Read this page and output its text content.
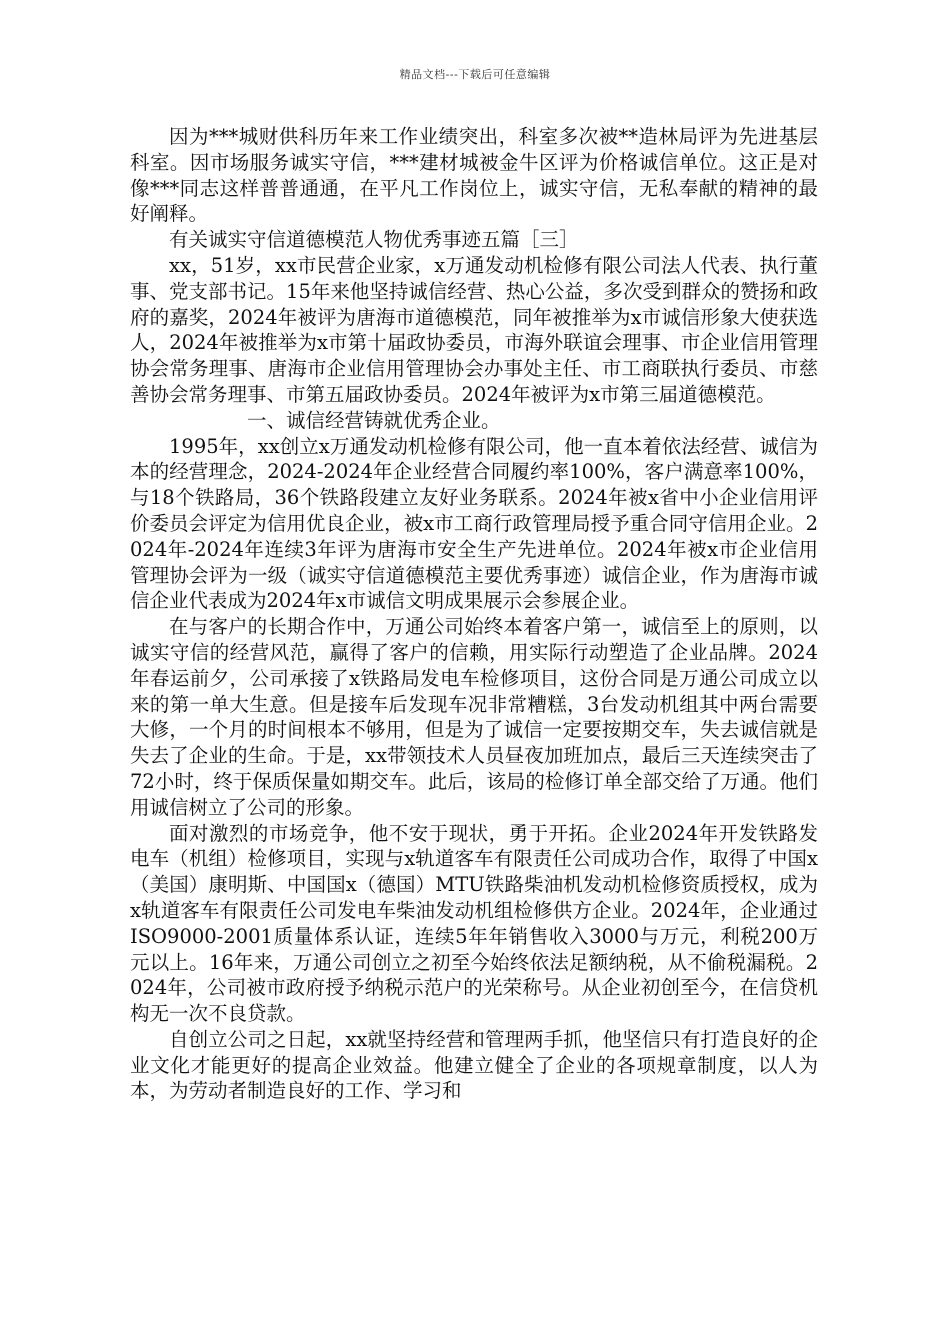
精品文档---下载后可任意编辑

因为***城财供科历年来工作业绩突出，科室多次被**造林局评为先进基层科室。因市场服务诚实守信，***建材城被金牛区评为价格诚信单位。这正是对像***同志这样普普通通，在平凡工作岗位上，诚实守信，无私奉献的精神的最好阐释。

有关诚实守信道德模范人物优秀事迹五篇［三］

xx，51岁，xx市民营企业家，x万通发动机检修有限公司法人代表、执行董事、党支部书记。15年来他坚持诚信经营、热心公益，多次受到群众的赞扬和政府的嘉奖，2024年被评为唐海市道德模范，同年被推举为x市诚信形象大使获选人，2024年被推举为x市第十届政协委员，市海外联谊会理事、市企业信用管理协会常务理事、唐海市企业信用管理协会办事处主任、市工商联执行委员、市慈善协会常务理事、市第五届政协委员。2024年被评为x市第三届道德模范。

一、诚信经营铸就优秀企业。

1995年，xx创立x万通发动机检修有限公司，他一直本着依法经营、诚信为本的经营理念，2024-2024年企业经营合同履约率100%，客户满意率100%，与18个铁路局，36个铁路段建立友好业务联系。2024年被x省中小企业信用评价委员会评定为信用优良企业，被x市工商行政管理局授予重合同守信用企业。2024年-2024年连续3年评为唐海市安全生产先进单位。2024年被x市企业信用管理协会评为一级（诚实守信道德模范主要优秀事迹）诚信企业，作为唐海市诚信企业代表成为2024年x市诚信文明成果展示会参展企业。

在与客户的长期合作中，万通公司始终本着客户第一，诚信至上的原则，以诚实守信的经营风范，赢得了客户的信赖，用实际行动塑造了企业品牌。2024年春运前夕，公司承接了x铁路局发电车检修项目，这份合同是万通公司成立以来的第一单大生意。但是接车后发现车况非常糟糕，3台发动机组其中两台需要大修，一个月的时间根本不够用，但是为了诚信一定要按期交车，失去诚信就是失去了企业的生命。于是，xx带领技术人员昼夜加班加点，最后三天连续突击了72小时，终于保质保量如期交车。此后，该局的检修订单全部交给了万通。他们用诚信树立了公司的形象。

面对激烈的市场竞争，他不安于现状，勇于开拓。企业2024年开发铁路发电车（机组）检修项目，实现与x轨道客车有限责任公司成功合作，取得了中国x（美国）康明斯、中国国x（德国）MTU铁路柴油机发动机检修资质授权，成为x轨道客车有限责任公司发电车柴油发动机组检修供方企业。2024年，企业通过ISO9000-2001质量体系认证，连续5年年销售收入3000与万元，利税200万元以上。16年来，万通公司创立之初至今始终依法足额纳税，从不偷税漏税。2024年，公司被市政府授予纳税示范户的光荣称号。从企业初创至今，在信贷机构无一次不良贷款。

自创立公司之日起，xx就坚持经营和管理两手抓，他坚信只有打造良好的企业文化才能更好的提高企业效益。他建立健全了企业的各项规章制度，以人为本，为劳动者制造良好的工作、学习和
